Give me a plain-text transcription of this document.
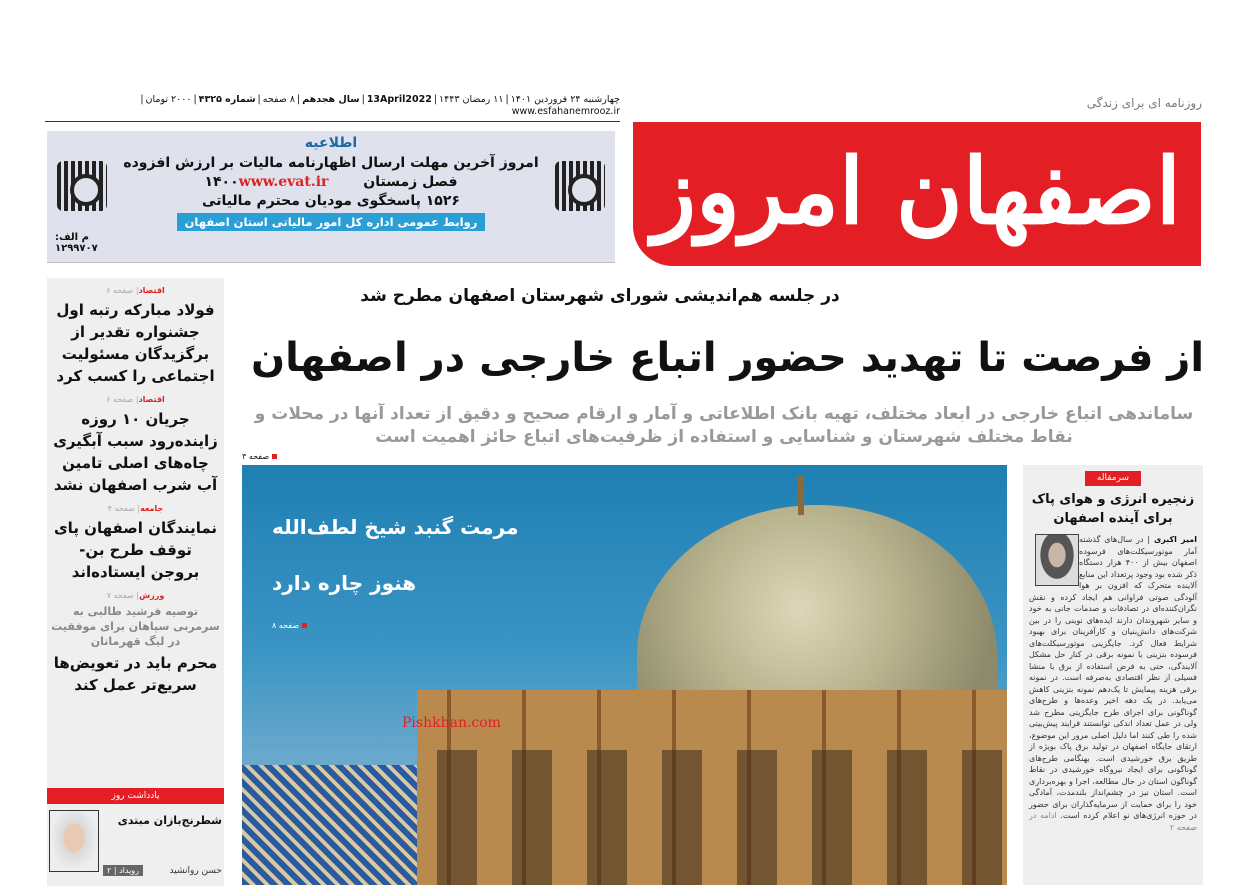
روزنامه ای برای زندگی
اصفهان امروز
چهارشنبه ۲۴ فروردین ۱۴۰۱
|
۱۱ رمضان ۱۴۴۳
|
13April2022
|
سال هجدهم
|
۸ صفحه
|
شماره ۴۳۲۵
|
۲۰۰۰ تومان
|
www.esfahanemrooz.ir
اطلاعیه
امروز آخرین مهلت ارسال اظهارنامه مالیات بر ارزش افزوده
فصل زمستان ۱۴۰۰www.evat.ir
۱۵۲۶ پاسخگوی مودیان محترم مالیاتی
روابط عمومی اداره کل امور مالیاتی استان اصفهان
م الف: ۱۲۹۹۷۰۷
اقتصاد| صفحه ۶
فولاد مبارکه رتبه اول جشنواره تقدیر از برگزیدگان مسئولیت اجتماعی را کسب کرد
اقتصاد| صفحه ۶
جریان ۱۰ روزه زاینده‌رود سبب آبگیری چاه‌های اصلی تامین آب شرب اصفهان نشد
جامعه| صفحه ۴
نمایندگان اصفهان پای توقف طرح بن- بروجن ایستاده‌اند
ورزش| صفحه ۷
توصیه فرشید طالبی به سرمربی سپاهان برای موفقیت در لیگ قهرمانان
محرم باید در تعویض‌ها سریع‌تر عمل کند
یادداشت روز
شطرنج‌بازان مبتدی
حسن روانشید
رویداد | ۲
در جلسه هم‌اندیشی شورای شهرستان اصفهان مطرح شد
از فرصت تا تهدید حضور اتباع خارجی در اصفهان
ساماندهی اتباع خارجی در ابعاد مختلف، تهیه بانک اطلاعاتی و آمار و ارقام صحیح و دقیق از تعداد آنها در محلات و نقاط مختلف شهرستان و شناسایی و استفاده از ظرفیت‌های اتباع حائز اهمیت است
صفحه ۳
مرمت گنبد شیخ لطف‌الله
هنوز چاره دارد
صفحه ۸
Pishkhan.com
سرمقاله
زنجیره انرژی و هوای پاک برای آینده اصفهان
امیر اکبری | در سال‌های گذشته آمار موتورسیکلت‌های فرسوده اصفهان بیش از ۴۰۰ هزار دستگاه ذکر شده بود وجود پرتعداد این منابع آلاینده متحرک که افزون بر هوا آلودگی صوتی فراوانی هم ایجاد کرده و نقش نگران‌کننده‌ای در تصادفات و صدمات جانی به خود و سایر شهروندان دارند ایده‌های نوینی را در بین شرکت‌های دانش‌بنیان و کارآفرینان برای بهبود شرایط فعال کرد. جایگزینی موتورسیکلت‌های فرسوده بنزینی با نمونه برقی در کنار حل مشکل آلایندگی، حتی به فرض استفاده از برق با منشا فسیلی از نظر اقتصادی به‌صرفه است. در نمونه برقی هزینه پیمایش تا یک‌دهم نمونه بنزینی کاهش می‌یابد. در یک دهه اخیر وعده‌ها و طرح‌های گوناگونی برای اجرای طرح جایگزینی مطرح شد ولی در عمل تعداد اندکی توانستند فرایند پیش‌بینی شده را طی کنند اما دلیل اصلی مرور این موضوع، ارتقای جایگاه اصفهان در تولید برق پاک بویژه از طریق برق خورشیدی است. بهنگامی طرح‌های گوناگونی برای ایجاد نیروگاه خورشیدی در نقاط گوناگون استان در حال مطالعه، اجرا و بهره‌برداری است. استان نیز در چشم‌انداز بلندمدت، آمادگی خود را برای حمایت از سرمایه‌گذاران برای حضور در حوزه انرژی‌های نو اعلام کرده است. ادامه در صفحه ۲
